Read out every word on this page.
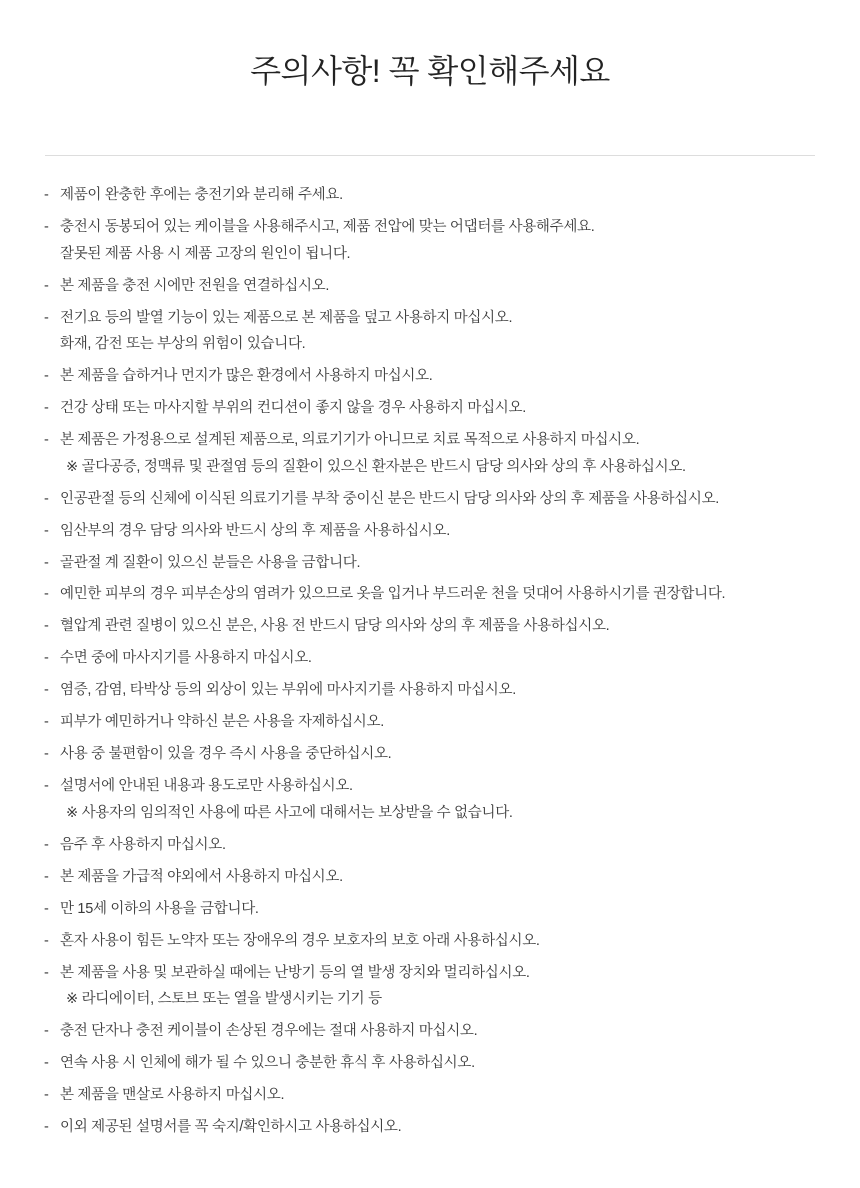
주의사항! 꼭 확인해주세요
- 제품이 완충한 후에는 충전기와 분리해 주세요.
- 충전시 동봉되어 있는 케이블을 사용해주시고, 제품 전압에 맞는 어댑터를 사용해주세요.
잘못된 제품 사용 시 제품 고장의 원인이 됩니다.
- 본 제품을 충전 시에만 전원을 연결하십시오.
- 전기요 등의 발열 기능이 있는 제품으로 본 제품을 덮고 사용하지 마십시오.
화재, 감전 또는 부상의 위험이 있습니다.
- 본 제품을 습하거나 먼지가 많은 환경에서 사용하지 마십시오.
- 건강 상태 또는 마사지할 부위의 컨디션이 좋지 않을 경우 사용하지 마십시오.
- 본 제품은 가정용으로 설계된 제품으로, 의료기기가 아니므로 치료 목적으로 사용하지 마십시오.
※ 골다공증, 정맥류 및 관절염 등의 질환이 있으신 환자분은 반드시 담당 의사와 상의 후 사용하십시오.
- 인공관절 등의 신체에 이식된 의료기기를 부착 중이신 분은 반드시 담당 의사와 상의 후 제품을 사용하십시오.
- 임산부의 경우 담당 의사와 반드시 상의 후 제품을 사용하십시오.
- 골관절 계 질환이 있으신 분들은 사용을 금합니다.
- 예민한 피부의 경우 피부손상의 염려가 있으므로 옷을 입거나 부드러운 천을 덧대어 사용하시기를 권장합니다.
- 혈압계 관련 질병이 있으신 분은, 사용 전 반드시 담당 의사와 상의 후 제품을 사용하십시오.
- 수면 중에 마사지기를 사용하지 마십시오.
- 염증, 감염, 타박상 등의 외상이 있는 부위에 마사지기를 사용하지 마십시오.
- 피부가 예민하거나 약하신 분은 사용을 자제하십시오.
- 사용 중 불편함이 있을 경우 즉시 사용을 중단하십시오.
- 설명서에 안내된 내용과 용도로만 사용하십시오.
※ 사용자의 임의적인 사용에 따른 사고에 대해서는 보상받을 수 없습니다.
- 음주 후 사용하지 마십시오.
- 본 제품을 가급적 야외에서 사용하지 마십시오.
- 만 15세 이하의 사용을 금합니다.
- 혼자 사용이 힘든 노약자 또는 장애우의 경우 보호자의 보호 아래 사용하십시오.
- 본 제품을 사용 및 보관하실 때에는 난방기 등의 열 발생 장치와 멀리하십시오.
※ 라디에이터, 스토브 또는 열을 발생시키는 기기 등
- 충전 단자나 충전 케이블이 손상된 경우에는 절대 사용하지 마십시오.
- 연속 사용 시 인체에 해가 될 수 있으니 충분한 휴식 후 사용하십시오.
- 본 제품을 맨살로 사용하지 마십시오.
- 이외 제공된 설명서를 꼭 숙지/확인하시고 사용하십시오.
